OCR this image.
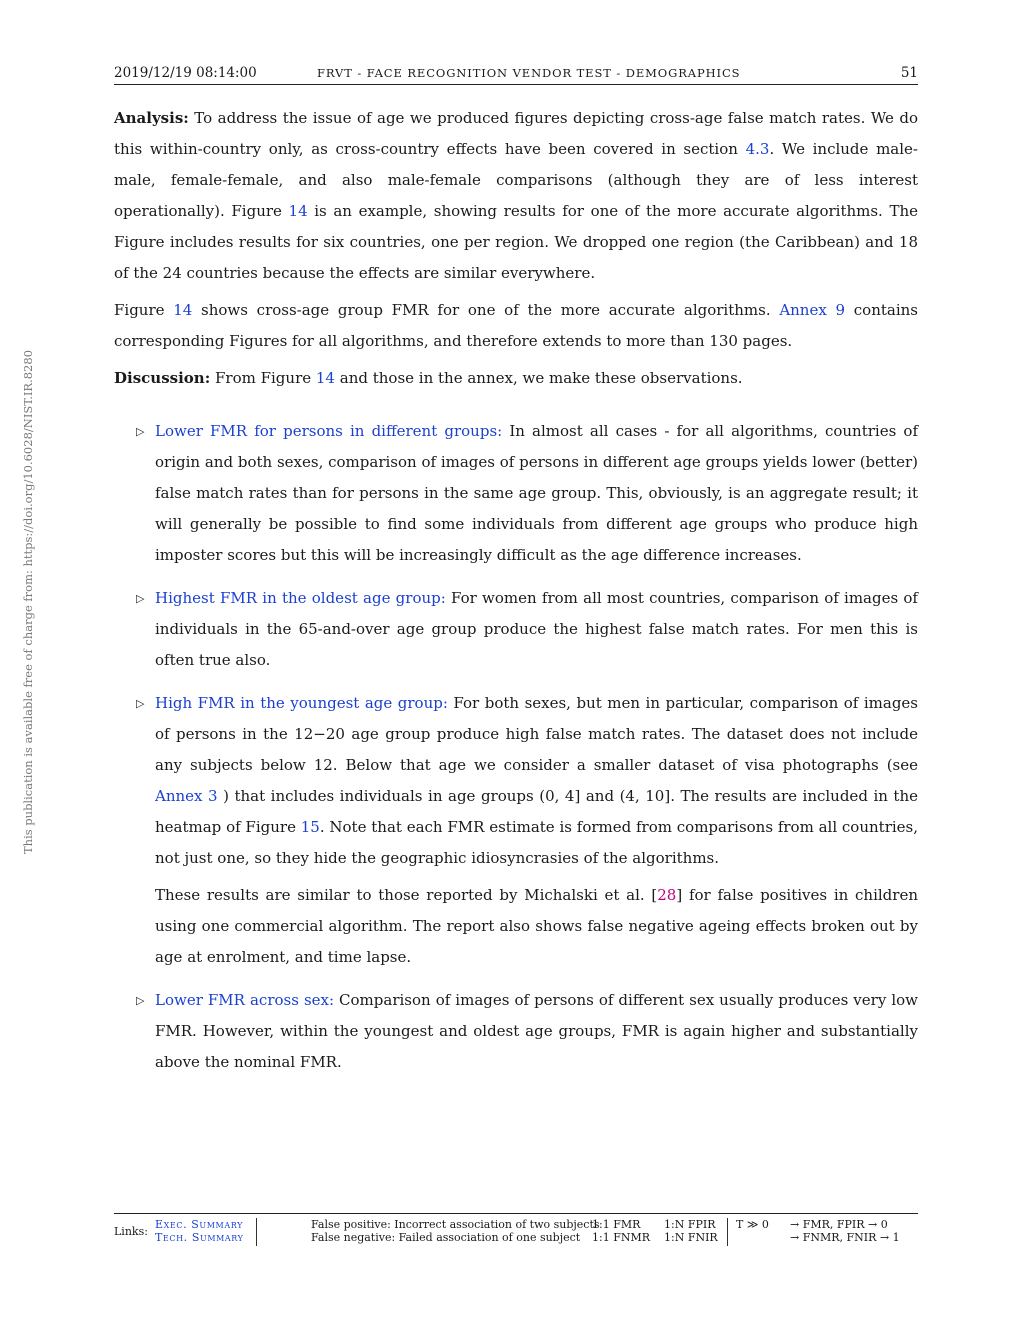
2019/12/19 08:14:00	FRVT - FACE RECOGNITION VENDOR TEST - DEMOGRAPHICS	51
This publication is available free of charge from: https://doi.org/10.6028/NIST.IR.8280

Analysis: To address the issue of age we produced figures depicting cross-age false match rates. We do this within-country only, as cross-country effects have been covered in section 4.3. We include male-male, female-female, and also male-female comparisons (although they are of less interest operationally). Figure 14 is an example, showing results for one of the more accurate algorithms. The Figure includes results for six countries, one per region. We dropped one region (the Caribbean) and 18 of the 24 countries because the effects are similar everywhere.

Figure 14 shows cross-age group FMR for one of the more accurate algorithms. Annex 9 contains corresponding Figures for all algorithms, and therefore extends to more than 130 pages.

Discussion: From Figure 14 and those in the annex, we make these observations.

▷ Lower FMR for persons in different groups: In almost all cases - for all algorithms, countries of origin and both sexes, comparison of images of persons in different age groups yields lower (better) false match rates than for persons in the same age group. This, obviously, is an aggregate result; it will generally be possible to find some individuals from different age groups who produce high imposter scores but this will be increasingly difficult as the age difference increases.

▷ Highest FMR in the oldest age group: For women from all most countries, comparison of images of individuals in the 65-and-over age group produce the highest false match rates. For men this is often true also.

▷ High FMR in the youngest age group: For both sexes, but men in particular, comparison of images of persons in the 12−20 age group produce high false match rates. The dataset does not include any subjects below 12. Below that age we consider a smaller dataset of visa photographs (see Annex 3 ) that includes individuals in age groups (0, 4] and (4, 10]. The results are included in the heatmap of Figure 15. Note that each FMR estimate is formed from comparisons from all countries, not just one, so they hide the geographic idiosyncrasies of the algorithms.

These results are similar to those reported by Michalski et al. [28] for false positives in children using one commercial algorithm. The report also shows false negative ageing effects broken out by age at enrolment, and time lapse.

▷ Lower FMR across sex: Comparison of images of persons of different sex usually produces very low FMR. However, within the youngest and oldest age groups, FMR is again higher and substantially above the nominal FMR.

Links:
Exec. Summary
Tech. Summary
False positive: Incorrect association of two subjects
False negative: Failed association of one subject
1:1 FMR
1:1 FNMR
1:N FPIR
1:N FNIR
T ≫ 0 → FMR, FPIR → 0
→ FNMR, FNIR → 1
